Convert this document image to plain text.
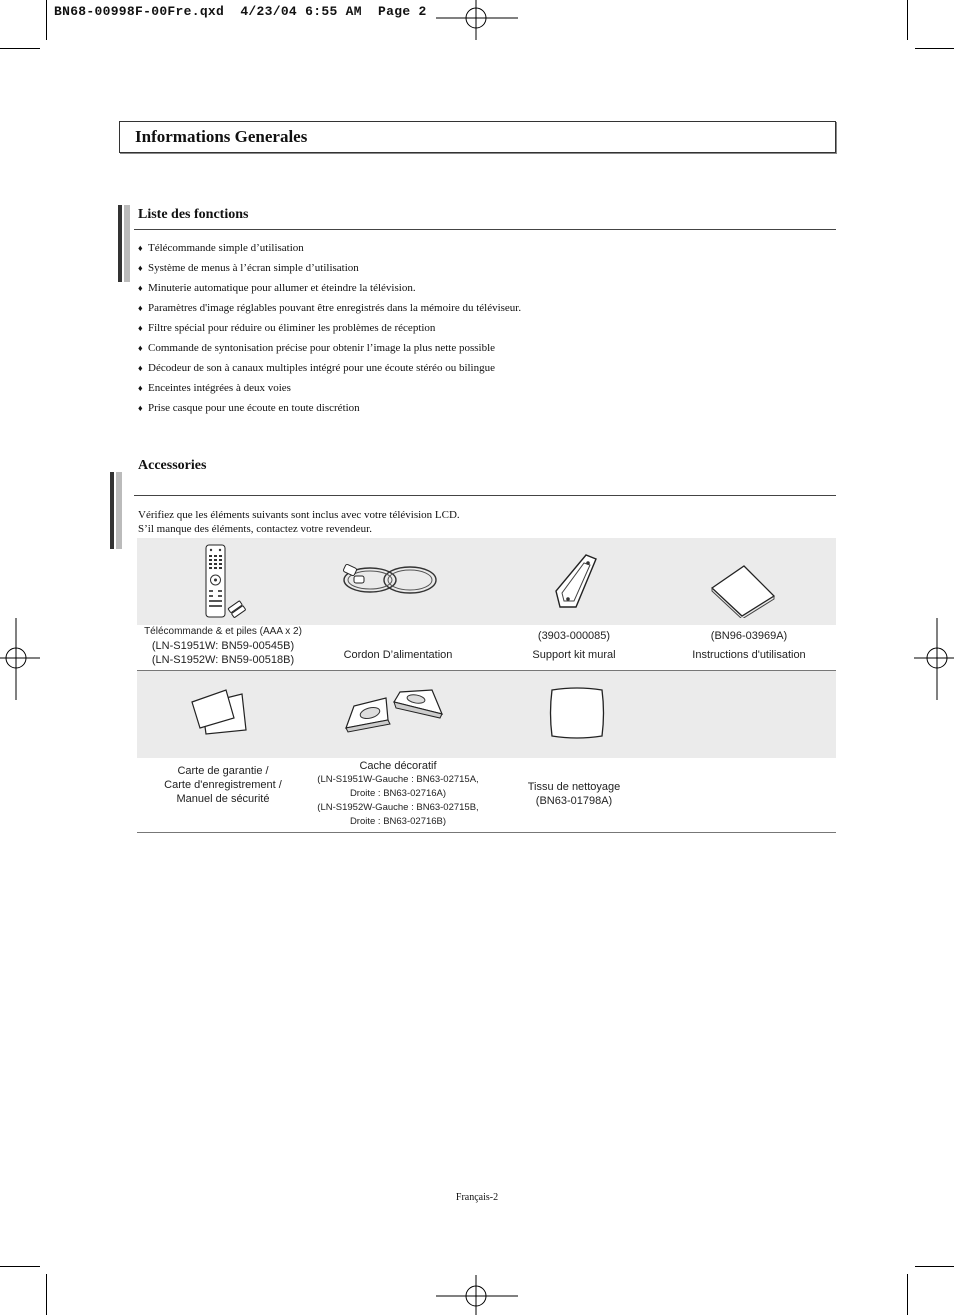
BN68-00998F-00Fre.qxd  4/23/04 6:55 AM  Page 2
Informations Generales
Liste des fonctions
♦ Télécommande simple d’utilisation
♦ Système de menus à l’écran simple d’utilisation
♦ Minuterie automatique pour allumer et éteindre la télévision.
♦ Paramètres d'image réglables pouvant être enregistrés dans la mémoire du téléviseur.
♦ Filtre spécial pour réduire ou éliminer les problèmes de réception
♦ Commande de syntonisation précise pour obtenir l’image la plus nette possible
♦ Décodeur de son à canaux multiples intégré pour une écoute stéréo ou bilingue
♦ Enceintes intégrées à deux voies
♦ Prise casque pour une écoute en toute discrétion
Accessories
Vérifiez que les éléments suivants sont inclus avec votre télévision LCD.
S’il manque des éléments, contactez votre revendeur.
Télécommande & et piles (AAA x 2)
(LN-S1951W: BN59-00545B)
(LN-S1952W: BN59-00518B)	Cordon D’alimentation
(3903-000085)
Support kit mural
(BN96-03969A)
Instructions d'utilisation
Carte de garantie /
Carte d'enregistrement /
Manuel de sécurité
Cache décoratif
(LN-S1951W-Gauche : BN63-02715A,
Droite : BN63-02716A)
(LN-S1952W-Gauche : BN63-02715B,
Droite : BN63-02716B)
Tissu de nettoyage
(BN63-01798A)
Français-2
